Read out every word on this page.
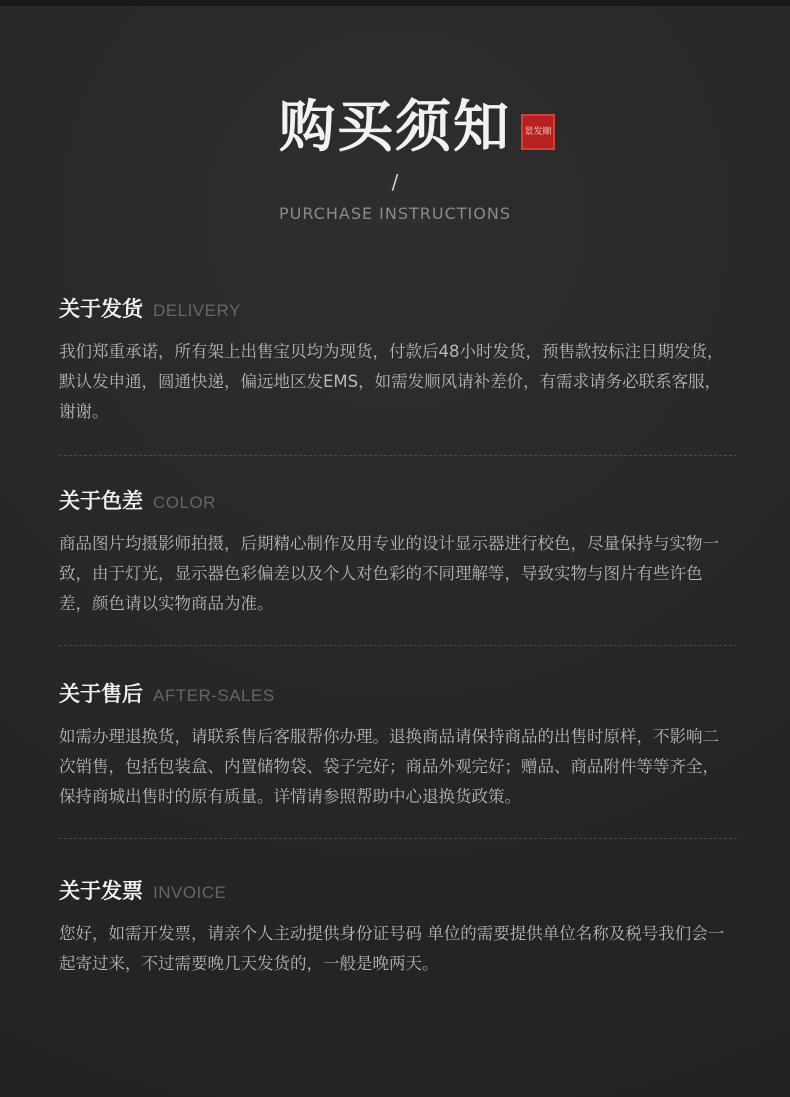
购买须知	景发顺
/
PURCHASE INSTRUCTIONS
关于发货 DELIVERY
我们郑重承诺，所有架上出售宝贝均为现货，付款后48小时发货，预售款按标注日期发货，默认发申通，圆通快递，偏远地区发EMS，如需发顺风请补差价，有需求请务必联系客服，谢谢。
关于色差 COLOR
商品图片均摄影师拍摄，后期精心制作及用专业的设计显示器进行校色，尽量保持与实物一致，由于灯光，显示器色彩偏差以及个人对色彩的不同理解等，导致实物与图片有些许色差，颜色请以实物商品为准。
关于售后 AFTER-SALES
如需办理退换货，请联系售后客服帮你办理。退换商品请保持商品的出售时原样，不影响二次销售，包括包装盒、内置储物袋、袋子完好；商品外观完好；赠品、商品附件等等齐全，保持商城出售时的原有质量。详情请参照帮助中心退换货政策。
关于发票 INVOICE
您好，如需开发票，请亲个人主动提供身份证号码 单位的需要提供单位名称及税号我们会一起寄过来，不过需要晚几天发货的，一般是晚两天。
